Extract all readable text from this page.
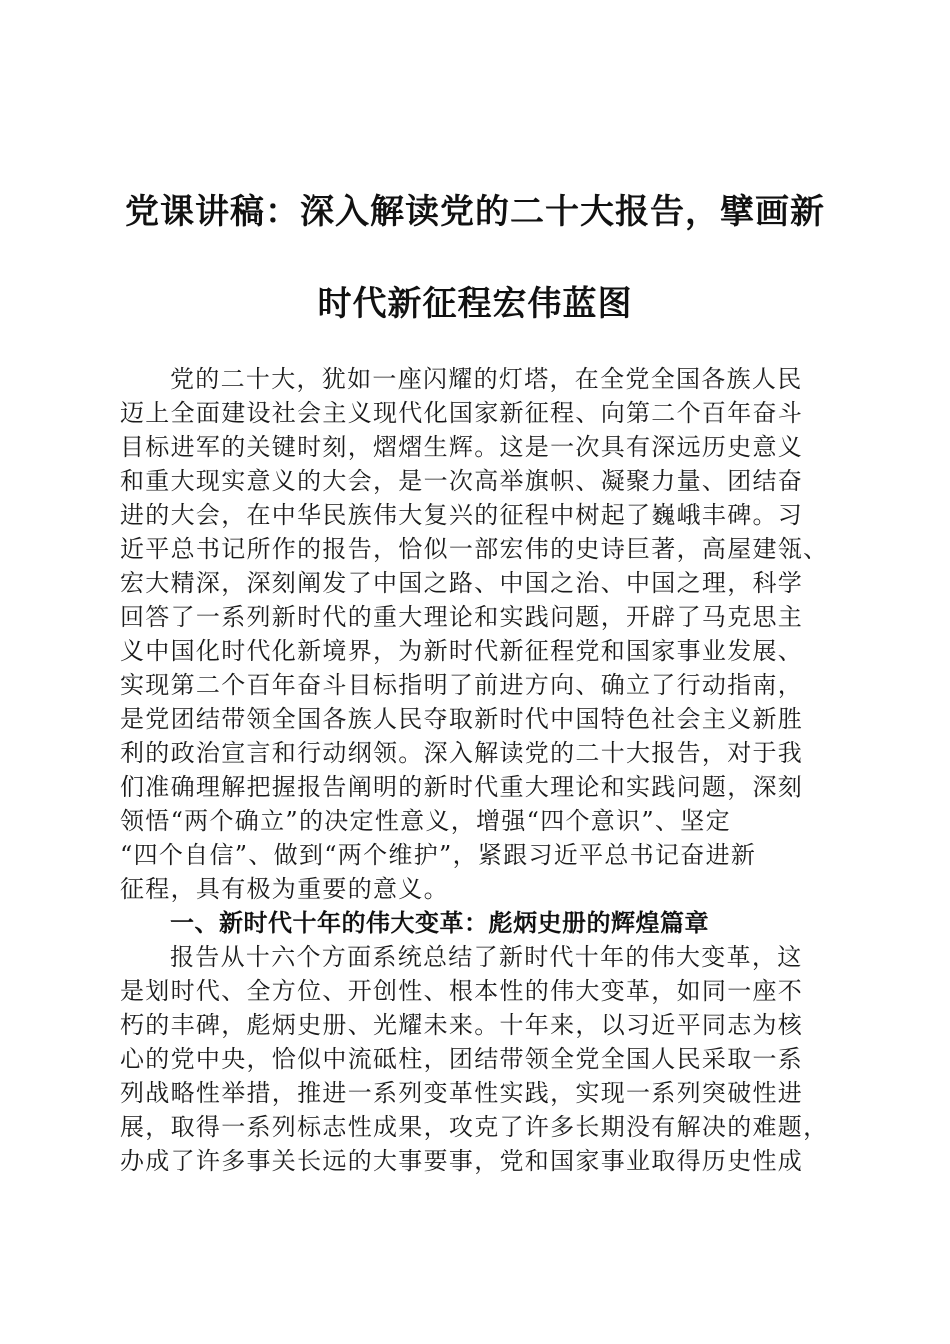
党课讲稿：深入解读党的二十大报告，擘画新
时代新征程宏伟蓝图
党的二十大，犹如一座闪耀的灯塔，在全党全国各族人民
迈上全面建设社会主义现代化国家新征程、向第二个百年奋斗
目标进军的关键时刻，熠熠生辉。这是一次具有深远历史意义
和重大现实意义的大会，是一次高举旗帜、凝聚力量、团结奋
进的大会，在中华民族伟大复兴的征程中树起了巍峨丰碑。习
近平总书记所作的报告，恰似一部宏伟的史诗巨著，高屋建瓴、
宏大精深，深刻阐发了中国之路、中国之治、中国之理，科学
回答了一系列新时代的重大理论和实践问题，开辟了马克思主
义中国化时代化新境界，为新时代新征程党和国家事业发展、
实现第二个百年奋斗目标指明了前进方向、确立了行动指南，
是党团结带领全国各族人民夺取新时代中国特色社会主义新胜
利的政治宣言和行动纲领。深入解读党的二十大报告，对于我
们准确理解把握报告阐明的新时代重大理论和实践问题，深刻
领悟“两个确立”的决定性意义，增强“四个意识”、坚定
“四个自信”、做到“两个维护”，紧跟习近平总书记奋进新
征程，具有极为重要的意义。
一、新时代十年的伟大变革：彪炳史册的辉煌篇章
报告从十六个方面系统总结了新时代十年的伟大变革，这
是划时代、全方位、开创性、根本性的伟大变革，如同一座不
朽的丰碑，彪炳史册、光耀未来。十年来，以习近平同志为核
心的党中央，恰似中流砥柱，团结带领全党全国人民采取一系
列战略性举措，推进一系列变革性实践，实现一系列突破性进
展，取得一系列标志性成果，攻克了许多长期没有解决的难题，
办成了许多事关长远的大事要事，党和国家事业取得历史性成
